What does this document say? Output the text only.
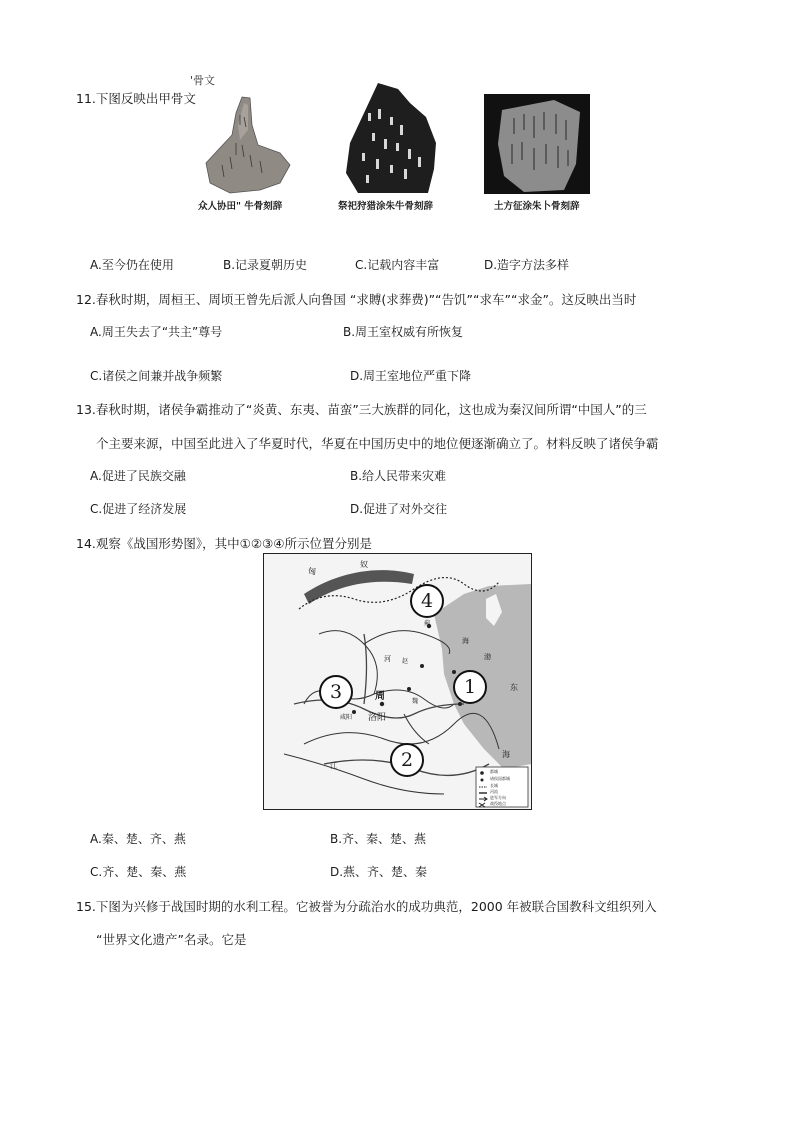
'骨文
11.下图反映出甲骨文
众人协田" 牛骨刻辞	祭祀狩猎涂朱牛骨刻辞	土方征涂朱卜骨刻辞
A.至今仍在使用	B.记录夏朝历史	C.记载内容丰富	D.造字方法多样
12.春秋时期，周桓王、周顷王曾先后派人向鲁国 “求賻(求葬费)”“告饥”“求车”“求金”。这反映出当时
A.周王失去了“共主”尊号	B.周王室权威有所恢复
C.诸侯之间兼并战争频繁	D.周王室地位严重下降
13.春秋时期，诸侯争霸推动了“炎黄、东夷、苗蛮”三大族群的同化，这也成为秦汉间所谓“中国人”的三
个主要来源，中国至此进入了华夏时代，华夏在中国历史中的地位便逐渐确立了。材料反映了诸侯争霸
A.促进了民族交融	B.给人民带来灾难
C.促进了经济发展	D.促进了对外交往
14.观察《战国形势图》，其中①②③④所示位置分别是
匈
奴
渤
海
东
海
周
洛阳
江
河
蓟
赵
魏
咸阳
都城
诸侯国都城
长城
河流
进军方向
战役地点
4
1
3
2
A.秦、楚、齐、燕	B.齐、秦、楚、燕
C.齐、楚、秦、燕	D.燕、齐、楚、秦
15.下图为兴修于战国时期的水利工程。它被誉为分疏治水的成功典范，2000 年被联合国教科文组织列入
“世界文化遗产”名录。它是
